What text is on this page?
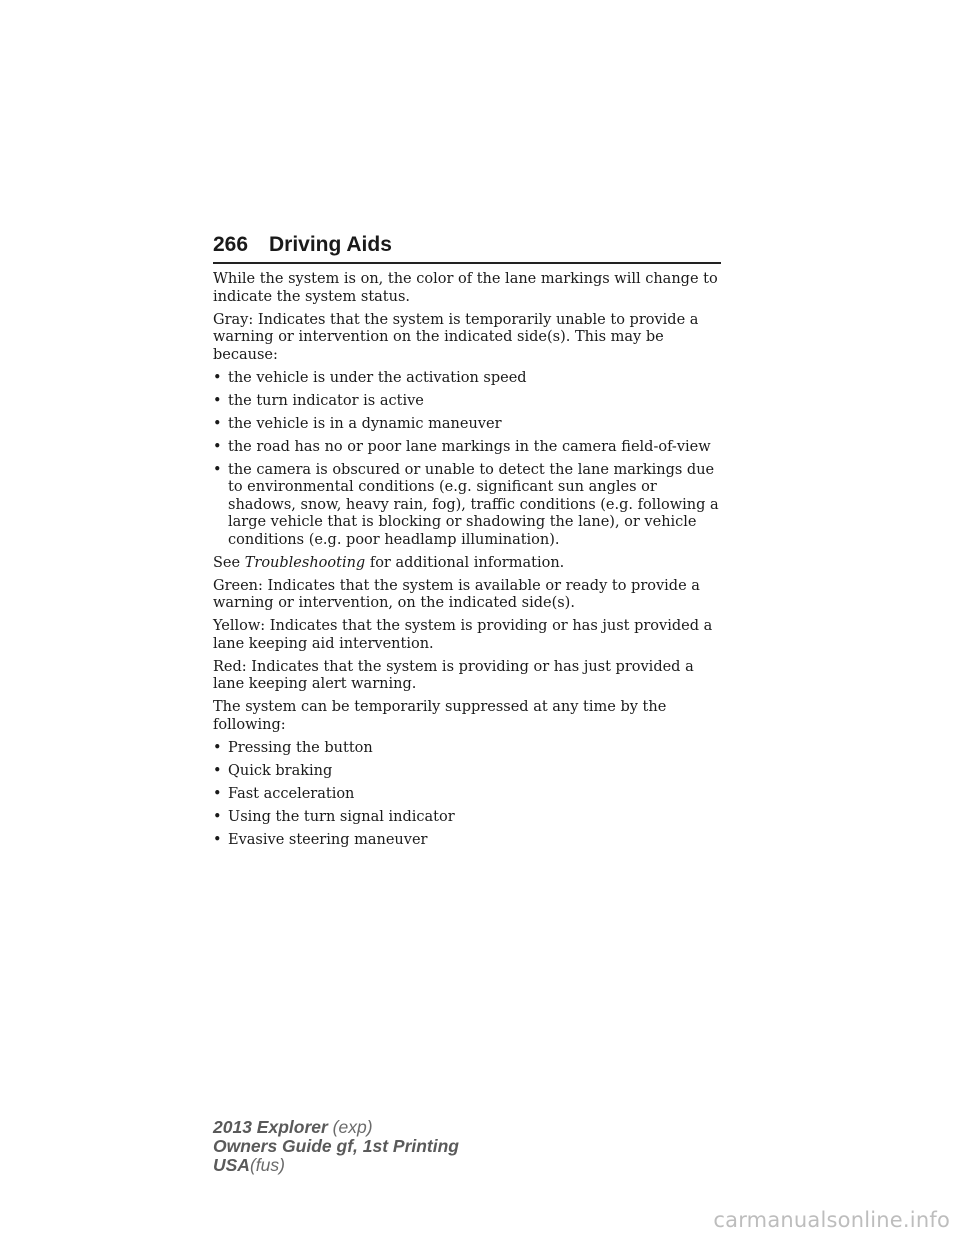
266 Driving Aids

While the system is on, the color of the lane markings will change to indicate the system status.

Gray: Indicates that the system is temporarily unable to provide a warning or intervention on the indicated side(s). This may be because:

• the vehicle is under the activation speed
• the turn indicator is active
• the vehicle is in a dynamic maneuver
• the road has no or poor lane markings in the camera field-of-view
• the camera is obscured or unable to detect the lane markings due to environmental conditions (e.g. significant sun angles or shadows, snow, heavy rain, fog), traffic conditions (e.g. following a large vehicle that is blocking or shadowing the lane), or vehicle conditions (e.g. poor headlamp illumination).

See Troubleshooting for additional information.

Green: Indicates that the system is available or ready to provide a warning or intervention, on the indicated side(s).

Yellow: Indicates that the system is providing or has just provided a lane keeping aid intervention.

Red: Indicates that the system is providing or has just provided a lane keeping alert warning.

The system can be temporarily suppressed at any time by the following:

• Pressing the button
• Quick braking
• Fast acceleration
• Using the turn signal indicator
• Evasive steering maneuver
2013 Explorer (exp)
Owners Guide gf, 1st Printing
USA(fus)
carmanualsonline.info
